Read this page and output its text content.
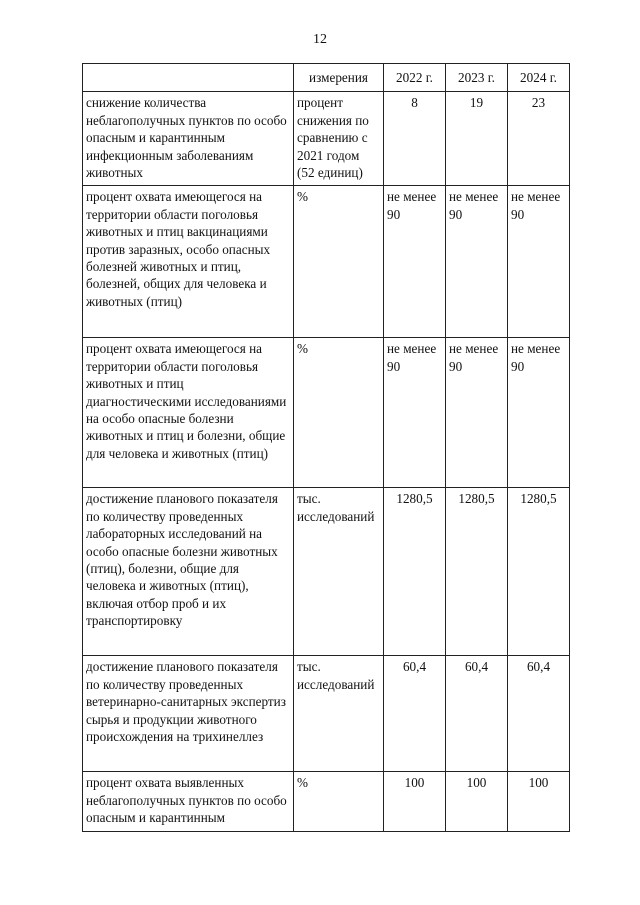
12
	измерения	2022 г.	2023 г.	2024 г.
снижение количества неблагополучных пунктов по особо опасным и карантинным инфекционным заболеваниям животных	процент снижения по сравнению с 2021 годом (52 единиц)	8	19	23
процент охвата имеющегося на территории области поголовья животных и птиц вакцинациями против заразных, особо опасных болезней животных и птиц, болезней, общих для человека и животных (птиц)	%	не менее 90	не менее 90	не менее 90
процент охвата имеющегося на территории области поголовья животных и птиц диагностическими исследованиями на особо опасные болезни животных и птиц и болезни, общие для человека и животных (птиц)	%	не менее 90	не менее 90	не менее 90
достижение планового показателя по количеству проведенных лабораторных исследований на особо опасные болезни животных (птиц), болезни, общие для человека и животных (птиц), включая отбор проб и их транспортировку	тыс. исследований	1280,5	1280,5	1280,5
достижение планового показателя по количеству проведенных ветеринарно-санитарных экспертиз сырья и продукции животного происхождения на трихинеллез	тыс. исследований	60,4	60,4	60,4
процент охвата выявленных неблагополучных пунктов по особо опасным и карантинным	%	100	100	100
